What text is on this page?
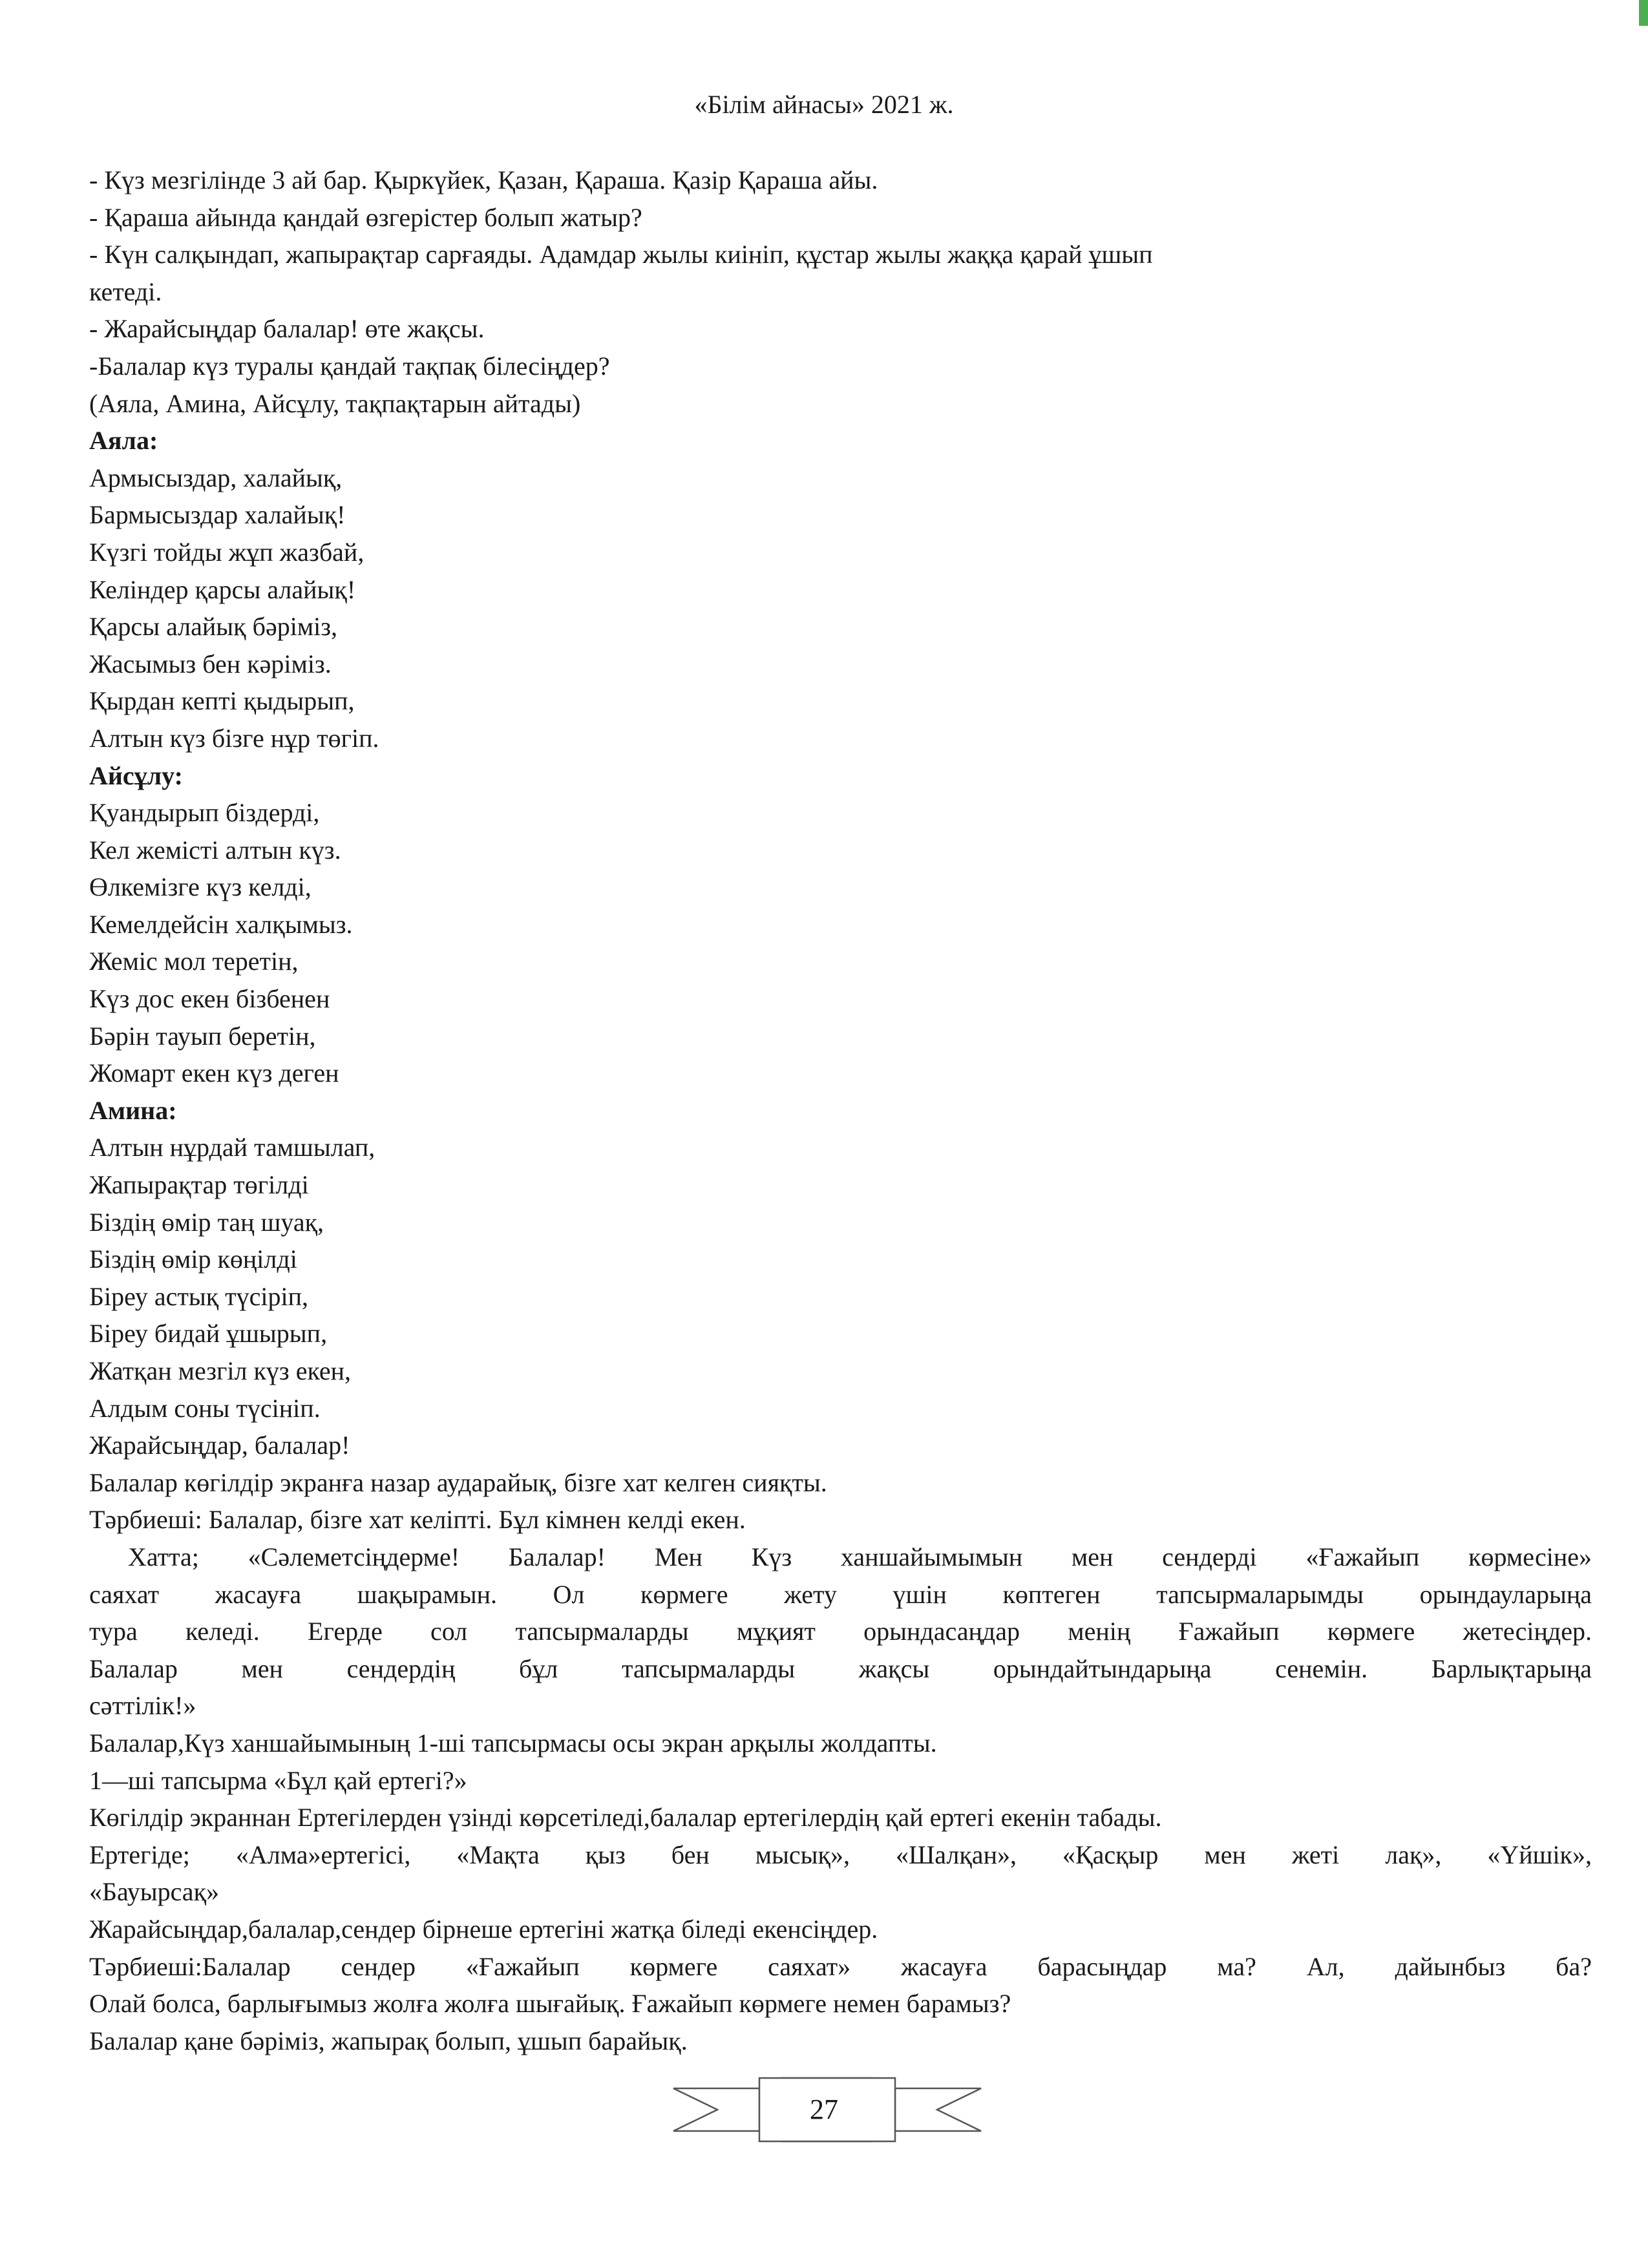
«Білім айнасы» 2021 ж.
- Күз мезгілінде 3 ай бар. Қыркүйек, Қазан, Қараша. Қазір Қараша айы.
- Қараша айында қандай өзгерістер болып жатыр?
- Күн салқындап, жапырақтар сарғаяды. Адамдар жылы киініп, құстар жылы жаққа қарай ұшып
кетеді.
- Жарайсыңдар балалар! өте жақсы.
-Балалар күз туралы қандай тақпақ білесіңдер?
(Аяла, Амина, Айсұлу, тақпақтарын айтады)
Аяла:
Армысыздар, халайық,
Бармысыздар халайық!
Күзгі тойды жұп жазбай,
Келіндер қарсы алайық!
Қарсы алайық бәріміз,
Жасымыз бен кәріміз.
Қырдан кепті қыдырып,
Алтын күз бізге нұр төгіп.
Айсұлу:
Қуандырып біздерді,
Кел жемісті алтын күз.
Өлкемізге күз келді,
Кемелдейсін халқымыз.
Жеміс мол теретін,
Күз дос екен бізбенен
Бәрін тауып беретін,
Жомарт екен күз деген
Амина:
Алтын нұрдай тамшылап,
Жапырақтар төгілді
Біздің өмір таң шуақ,
Біздің өмір көңілді
Біреу астық түсіріп,
Біреу бидай ұшырып,
Жатқан мезгіл күз екен,
Алдым соны түсініп.
Жарайсыңдар, балалар!
Балалар көгілдір экранға назар аударайық, бізге хат келген сияқты.
Тәрбиеші: Балалар, бізге хат келіпті. Бұл кімнен келді екен.
Хатта; «Сәлеметсіңдерме! Балалар! Мен Күз ханшайымымын мен сендерді «Ғажайып көрмесіне»
саяхат жасауға шақырамын. Ол көрмеге жету үшін көптеген тапсырмаларымды орындауларыңа
тура келеді. Егерде сол тапсырмаларды мұқият орындасаңдар менің Ғажайып көрмеге жетесіңдер.
Балалар мен сендердің бұл тапсырмаларды жақсы орындайтындарыңа сенемін. Барлықтарыңа
сәттілік!»
Балалар,Күз ханшайымының 1-ші тапсырмасы осы экран арқылы жолдапты.
1—ші тапсырма «Бұл қай ертегі?»
Көгілдір экраннан Ертегілерден үзінді көрсетіледі,балалар ертегілердің қай ертегі екенін табады.
Ертегіде; «Алма»ертегісі, «Мақта қыз бен мысық», «Шалқан», «Қасқыр мен жеті лақ», «Үйшік»,
«Бауырсақ»
Жарайсыңдар,балалар,сендер бірнеше ертегіні жатқа біледі екенсіңдер.
Тәрбиеші:Балалар сендер «Ғажайып көрмеге саяхат» жасауға барасыңдар ма? Ал, дайынбыз ба?
Олай болса, барлығымыз жолға жолға шығайық. Ғажайып көрмеге немен барамыз?
Балалар қане бәріміз, жапырақ болып, ұшып барайық.
27
